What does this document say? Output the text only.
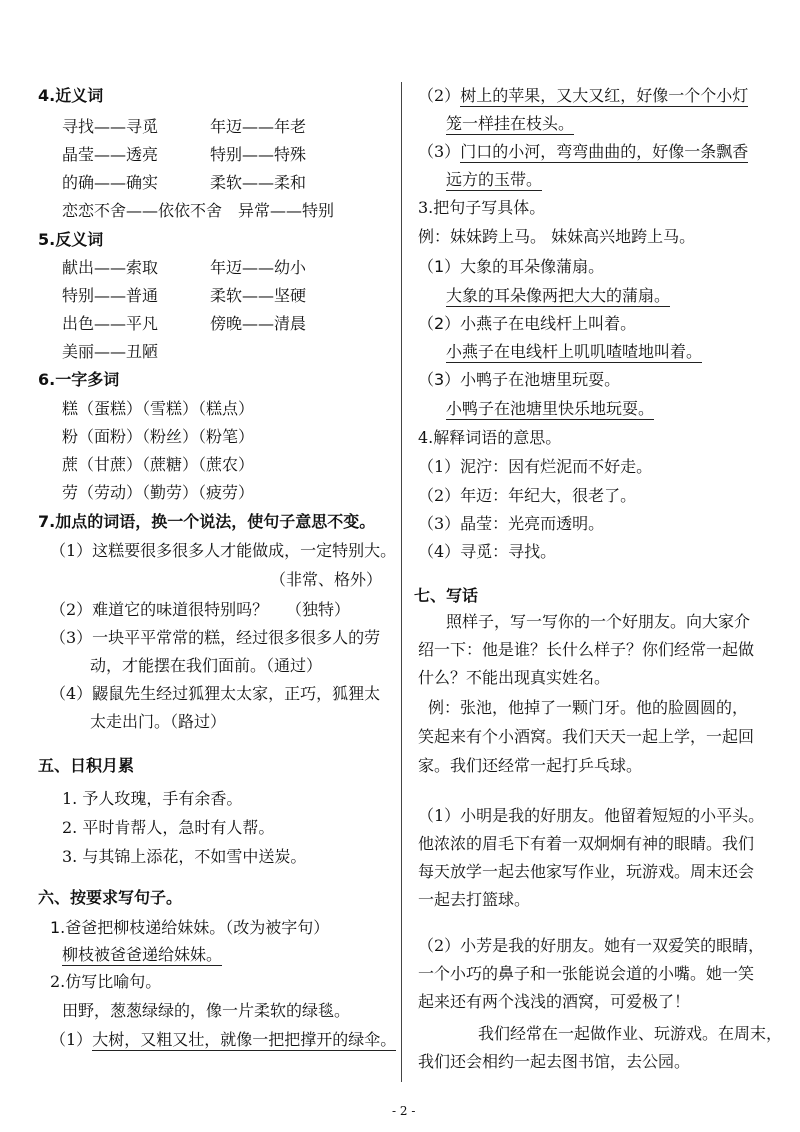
4.近义词
寻找——寻觅	年迈——年老
晶莹——透亮	特别——特殊
的确——确实	柔软——柔和
恋恋不舍——依依不舍 异常——特别
5.反义词
献出——索取	年迈——幼小
特别——普通	柔软——坚硬
出色——平凡	傍晚——清晨
美丽——丑陋
6.一字多词
糕（蛋糕）（雪糕）（糕点）
粉（面粉）（粉丝）（粉笔）
蔗（甘蔗）（蔗糖）（蔗农）
劳（劳动）（勤劳）（疲劳）
7.加点的词语，换一个说法，使句子意思不变。
（1）这糕要很多很多人才能做成，一定特别大。
（非常、格外）
（2）难道它的味道很特别吗？ （独特）
（3）一块平平常常的糕，经过很多很多人的劳
动，才能摆在我们面前。（通过）
（4）鼹鼠先生经过狐狸太太家，正巧，狐狸太
太走出门。（路过）
五、日积月累
1. 予人玫瑰，手有余香。
2. 平时肯帮人，急时有人帮。
3. 与其锦上添花，不如雪中送炭。
六、按要求写句子。
1.爸爸把柳枝递给妹妹。（改为被字句）
柳枝被爸爸递给妹妹。
2.仿写比喻句。
田野，葱葱绿绿的，像一片柔软的绿毯。
（1）大树，又粗又壮，就像一把把撑开的绿伞。
（2）树上的苹果，又大又红，好像一个个小灯
笼一样挂在枝头。
（3）门口的小河，弯弯曲曲的，好像一条飘香
远方的玉带。
3.把句子写具体。
例：妹妹跨上马。 妹妹高兴地跨上马。
（1）大象的耳朵像蒲扇。
大象的耳朵像两把大大的蒲扇。
（2）小燕子在电线杆上叫着。
小燕子在电线杆上叽叽喳喳地叫着。
（3）小鸭子在池塘里玩耍。
小鸭子在池塘里快乐地玩耍。
4.解释词语的意思。
（1）泥泞：因有烂泥而不好走。
（2）年迈：年纪大，很老了。
（3）晶莹：光亮而透明。
（4）寻觅：寻找。
七、写话
照样子，写一写你的一个好朋友。向大家介
绍一下：他是谁？长什么样子？你们经常一起做
什么？不能出现真实姓名。
例：张池，他掉了一颗门牙。他的脸圆圆的，
笑起来有个小酒窝。我们天天一起上学，一起回
家。我们还经常一起打乒乓球。
（1）小明是我的好朋友。他留着短短的小平头。
他浓浓的眉毛下有着一双炯炯有神的眼睛。我们
每天放学一起去他家写作业，玩游戏。周末还会
一起去打篮球。
（2）小芳是我的好朋友。她有一双爱笑的眼睛，
一个小巧的鼻子和一张能说会道的小嘴。她一笑
起来还有两个浅浅的酒窝，可爱极了！
我们经常在一起做作业、玩游戏。在周末，
我们还会相约一起去图书馆，去公园。
- 2 -
